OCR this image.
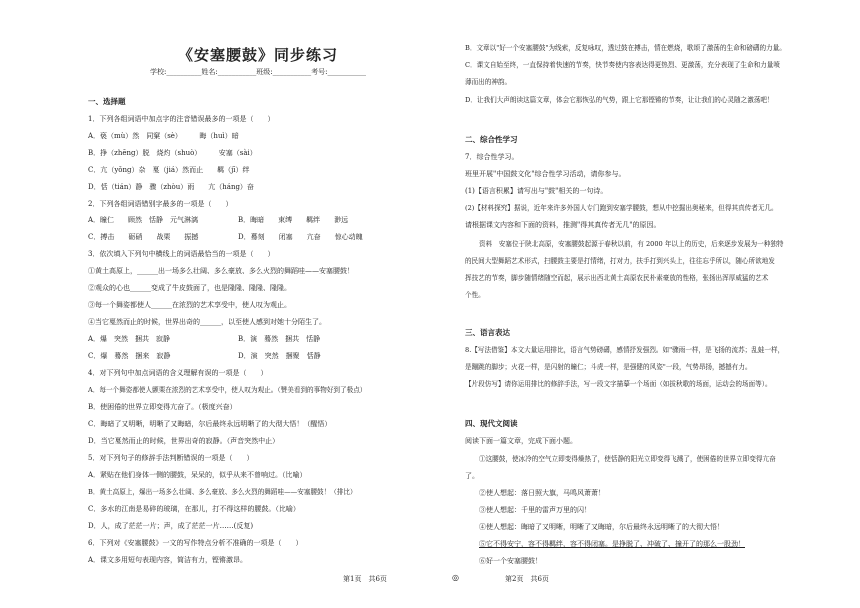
《安塞腰鼓》同步练习
学校:__________姓名:___________班级:___________考号:___________
一、选择题
1．下列各组词语中加点字的注音错误最多的一项是（　　）
A．亵（mù）然　同窠（sè）　　　晦（huì）暗
B．挣（zhēng）脱　烧灼（shuò）　　　安塞（sài）
C．亢（yǒng）杂　戛（jiá）然而止　　羁（jī）绊
D．恬（tián）静　骤（zhòu）雨　　亢（háng）奋
2．下列各组词语错别字最多的一项是（　　）
A．瞳仁　　顾然　恬静　元气淋漓	B．晦暗　　束缚　　羁绊　　渺远
C．搏击　　砺硝　　战栗　　振撼	D．蓦刻　　闭塞　　亢奋　　惊心动魄
3．依次填入下列句中横线上的词语最恰当的一项是（　　）
①黄土高原上，______出一场多么壮阔、多么豪放、多么火烈的舞蹈哇——安塞腰鼓！
②观众的心也______变成了牛皮鼓面了，也是隆隆、隆隆、隆隆。
③每一个舞姿都使人______在浓烈的艺术享受中，使人叹为观止。
④当它戛然而止的时候，世界出奇的______，以至使人感到对她十分陌生了。
A．爆　突然　捆共　寂静	B．演　蓦然　捆共　恬静
C．爆　蓦然　捆来　寂静	D．演　突然　捆聚　恬静
4．对下列句中加点词语的含义理解有误的一项是（　　）
A．每一个舞姿都使人颤栗在浓烈的艺术享受中，使人叹为观止。（赞美看到的事物好到了极点）
B．使困倦的世界立即变得亢奋了。（极度兴奋）
C．晦暗了又明晰，明晰了又晦暗，尔后最终永远明晰了的大彻大悟！（醒悟）
D．当它戛然而止的时候，世界出奇的寂静。（声音突然中止）
5．对下列句子的修辞手法判断错误的一项是（　　）
A．紧贴在他们身体一侧的腰鼓，呆呆的，似乎从来不曾响过。（比喻）
B．黄土高原上，爆出一场多么壮阔、多么豪放、多么火烈的舞蹈哇——安塞腰鼓！（排比）
C．多水的江南是易碎的玻璃，在那儿，打不得这样的腰鼓。（比喻）
D．人，成了茫茫一片；声，成了茫茫一片……(反复)
6．下列对《安塞腰鼓》一文的写作特点分析不准确的一项是（　　）
A．课文多用短句表现内容，简洁有力，铿锵激昂。
第1页　共6页	◎
B．文章以"好一个安塞腰鼓"为线索，反复咏叹，透过鼓在搏击，情在燃烧，歌颂了激荡的生命和磅礴的力量。
C．课文自始至终，一直保持着快速的节奏，快节奏使内容表达得更热烈、更激荡，充分表现了生命和力量喷
薄而出的神韵。
D．让我们大声朗读这篇文章，体会它那恢弘的气势，跟上它那铿锵的节奏，让让我们的心灵随之激荡吧！
二、综合性学习
7．综合性学习。
班里开展"中国鼓文化"综合性学习活动，请你参与。
(1)【语言积累】请写出与"鼓"相关的一句诗。
(2)【材料探究】据说，近年来许多外国人专门跑到安塞学腰鼓，想从中挖掘出奥秘来，但得其真传者无几。
请根据课文内容和下面的资料，推测"得其真传者无几"的原因。
资料　安塞位于陕北高原，安塞腰鼓起源于春秋以前，有 2000 年以上的历史，后来逐步发展为一种独特
的民间大型舞蹈艺术形式，扫腰鼓主要是打情绪，打对力，扶手打到兴头上，往往忘乎所以，随心所欲地发
挥技艺的节奏，脚步随情绪随空而起，展示出西北黄土高原农民朴素豪放的性格，张扬出浑厚威猛的艺术
个性。
三、语言表达
8.【写法借鉴】本文大量运用排比，语言气势磅礴，感情抒发强烈。如"骤雨一样，是飞扬的流苏；乱蛙一样，
是蹦跳的脚步；火花一样，是闪射的瞳仁；斗虎一样，是强健的风姿"一段，气势昂扬，撼撼有力。
【片段仿写】请你运用排比的修辞手法，写一段文字描摹一个场面（如拔秋歌的场面，运动会的场面等）。
四、现代文阅读
阅读下面一篇文章，完成下面小题。
①这腰鼓，使冰冷的空气立即变得燥热了，使恬静的阳光立即变得飞溅了，使困倦的世界立即变得亢奋
了。
②使人想起：落日照大旗，马鸣风萧萧！
③使人想起：千里的雷声万里的闪！
④使人想起：晦暗了又明晰，明晰了又晦暗，尔后最终永远明晰了的大彻大悟！
⑤它不得安宁，容不得羁绊，容不得闭塞。是挣脱了、冲破了、撞开了的那么一股劲！
⑥好一个安塞腰鼓！
第2页　共6页
